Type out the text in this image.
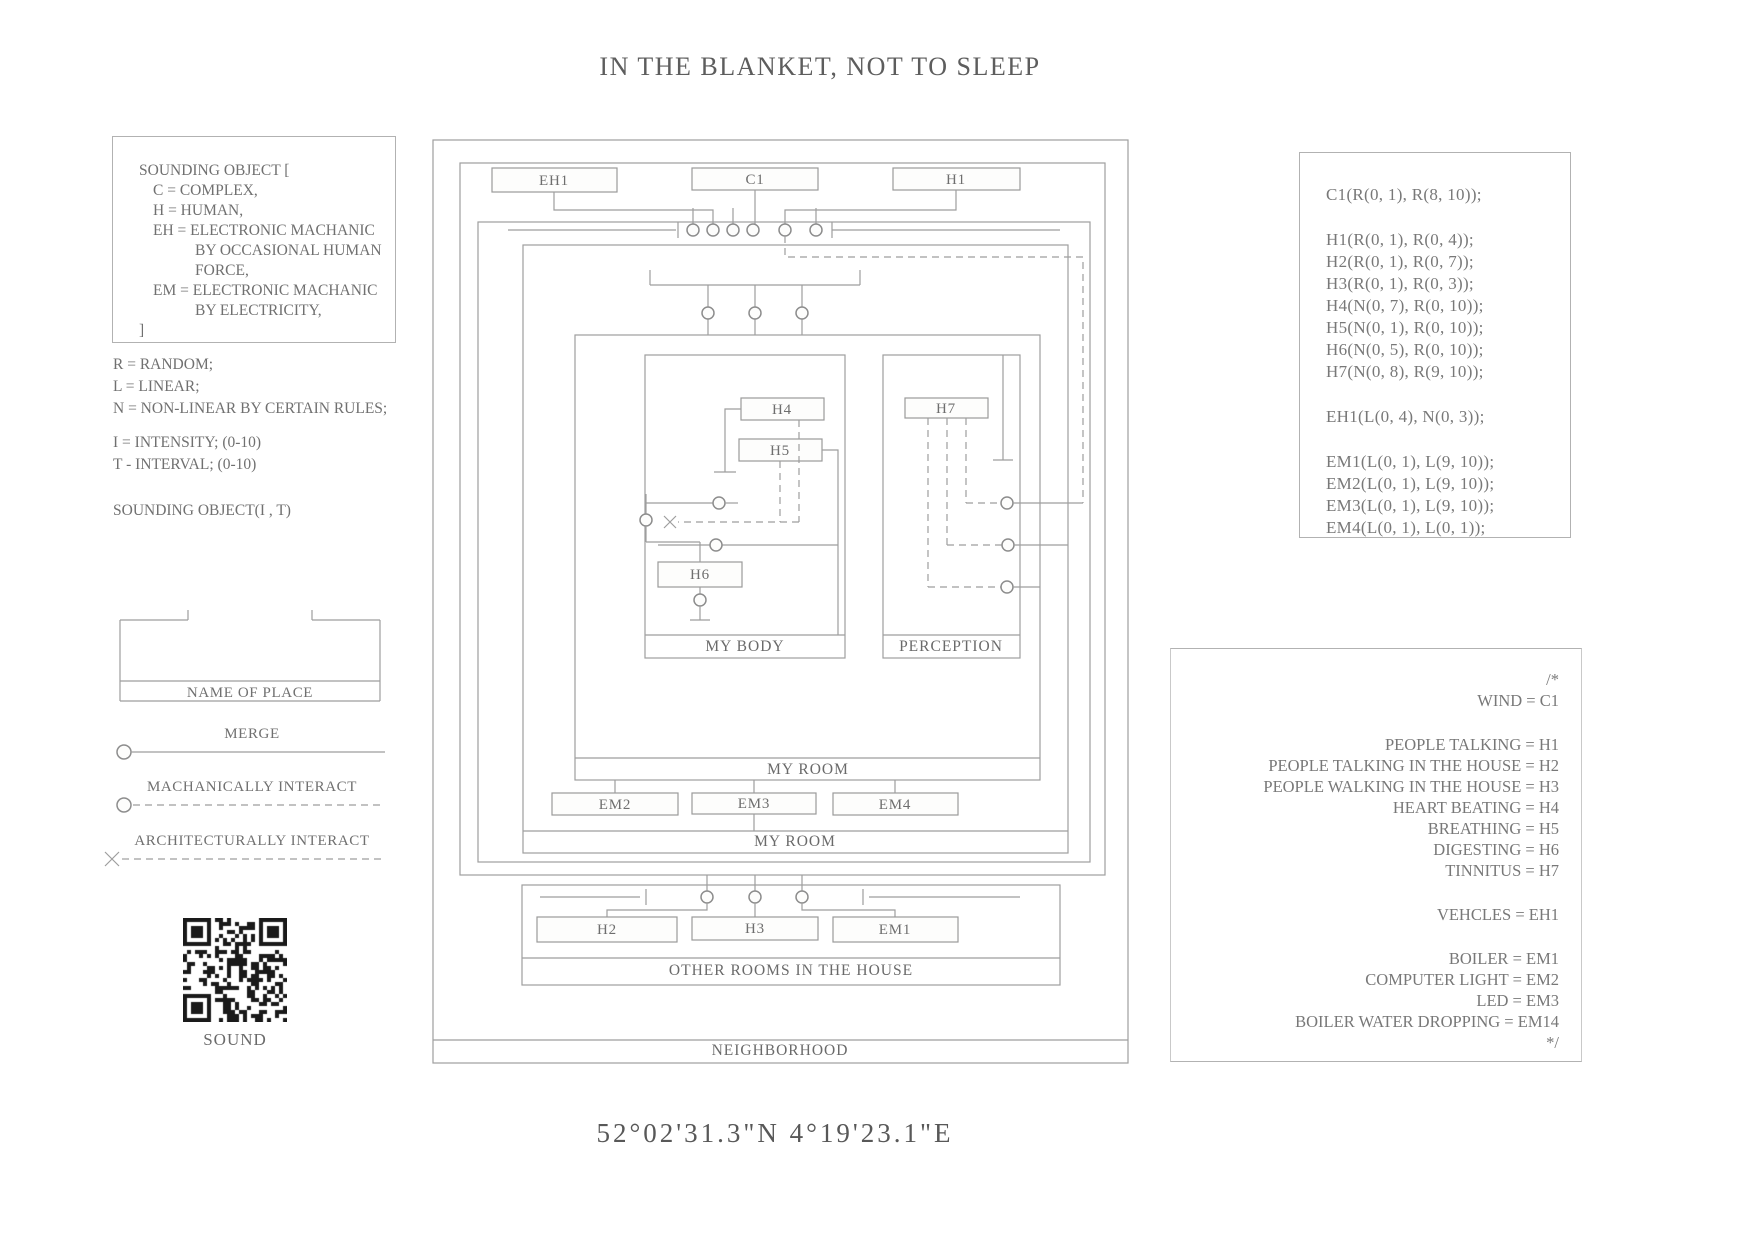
IN THE BLANKET, NOT TO SLEEP
SOUNDING OBJECT [
C = COMPLEX,
H = HUMAN,
EH = ELECTRONIC MACHANIC
BY OCCASIONAL HUMAN FORCE,
EM = ELECTRONIC MACHANIC
BY ELECTRICITY,
]
R = RANDOM;
L = LINEAR;
N = NON-LINEAR BY CERTAIN RULES;
I = INTENSITY; (0-10)
T - INTERVAL; (0-10)
SOUNDING OBJECT(I , T)
NAME OF PLACE
MERGE
MACHANICALLY INTERACT
ARCHITECTURALLY INTERACT
SOUND
EH1	C1	H1
H4
H5
H6
H7
MY BODY	PERCEPTION
MY ROOM
MY ROOM
OTHER ROOMS IN THE HOUSE
NEIGHBORHOOD
EM2	EM3	EM4
H2	H3	EM1
C1(R(0, 1), R(8, 10));
H1(R(0, 1), R(0, 4));
H2(R(0, 1), R(0, 7));
H3(R(0, 1), R(0, 3));
H4(N(0, 7), R(0, 10));
H5(N(0, 1), R(0, 10));
H6(N(0, 5), R(0, 10));
H7(N(0, 8), R(9, 10));
EH1(L(0, 4), N(0, 3));
EM1(L(0, 1), L(9, 10));
EM2(L(0, 1), L(9, 10));
EM3(L(0, 1), L(9, 10));
EM4(L(0, 1), L(0, 1));
/*
WIND = C1
PEOPLE TALKING = H1
PEOPLE TALKING IN THE HOUSE = H2
PEOPLE WALKING IN THE HOUSE = H3
HEART BEATING = H4
BREATHING = H5
DIGESTING = H6
TINNITUS = H7
VEHCLES = EH1
BOILER = EM1
COMPUTER LIGHT = EM2
LED = EM3
BOILER WATER DROPPING = EM14
*/
52°02'31.3"N 4°19'23.1"E
